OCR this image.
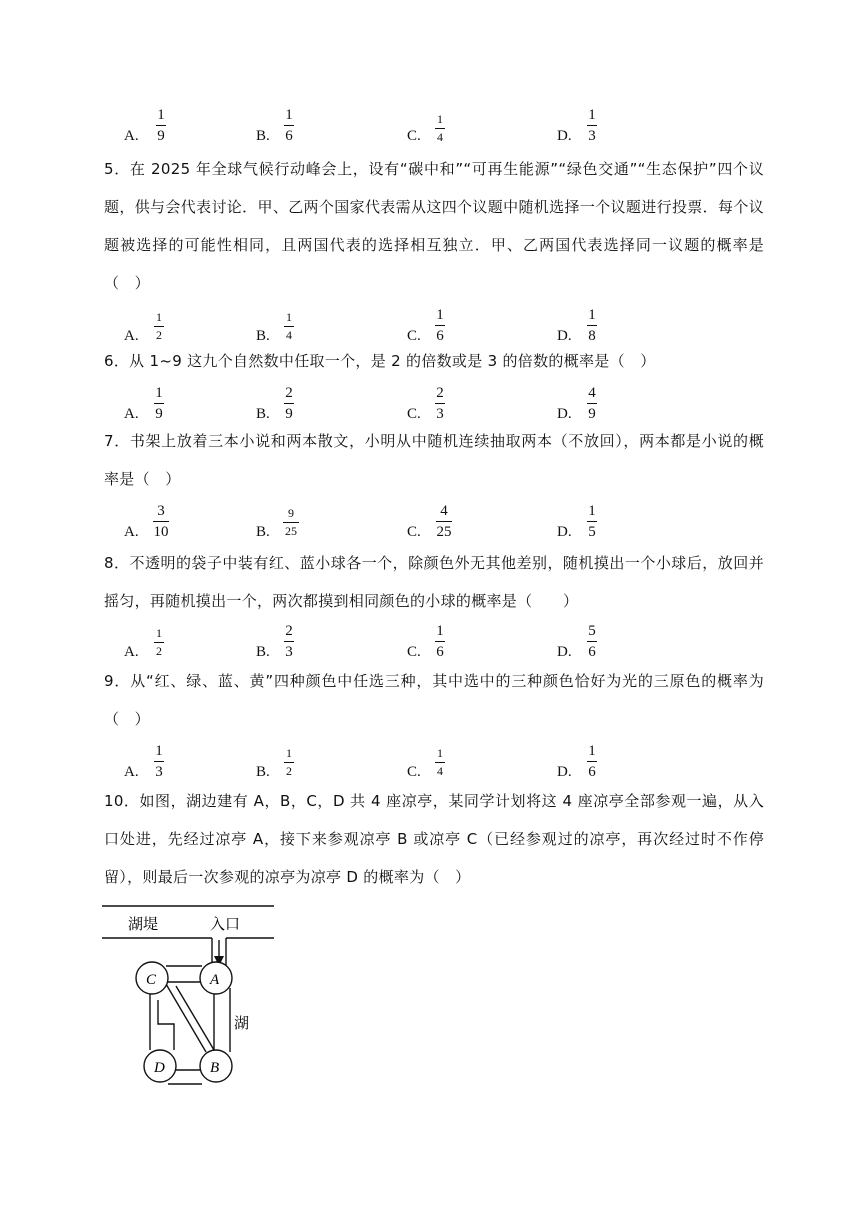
A.
1
9	B.
1
6	C.
1
4	D.
1
3
5．在 2025 年全球气候行动峰会上，设有“碳中和”“可再生能源”“绿色交通”“生态保护”四个议题，供与会代表讨论．甲、乙两个国家代表需从这四个议题中随机选择一个议题进行投票．每个议题被选择的可能性相同，且两国代表的选择相互独立．甲、乙两国代表选择同一议题的概率是（　）
A.
1
2	B.
1
4	C.
1
6	D.
1
8
6．从 1~9 这九个自然数中任取一个，是 2 的倍数或是 3 的倍数的概率是（　）
A.
1
9	B.
2
9	C.
2
3	D.
4
9
7．书架上放着三本小说和两本散文，小明从中随机连续抽取两本（不放回），两本都是小说的概率是（　）
A.
3
10	B.
9
25	C.
4
25	D.
1
5
8．不透明的袋子中装有红、蓝小球各一个，除颜色外无其他差别，随机摸出一个小球后，放回并摇匀，再随机摸出一个，两次都摸到相同颜色的小球的概率是（　　）
A.
1
2	B.
2
3	C.
1
6	D.
5
6
9．从“红、绿、蓝、黄”四种颜色中任选三种，其中选中的三种颜色恰好为光的三原色的概率为（　）
A.
1
3	B.
1
2	C.
1
4	D.
1
6
10．如图，湖边建有 A，B，C，D 共 4 座凉亭，某同学计划将这 4 座凉亭全部参观一遍，从入口处进，先经过凉亭 A，接下来参观凉亭 B 或凉亭 C（已经参观过的凉亭，再次经过时不作停留），则最后一次参观的凉亭为凉亭 D 的概率为（　）
湖堤	入口
C	A
D	B
湖
